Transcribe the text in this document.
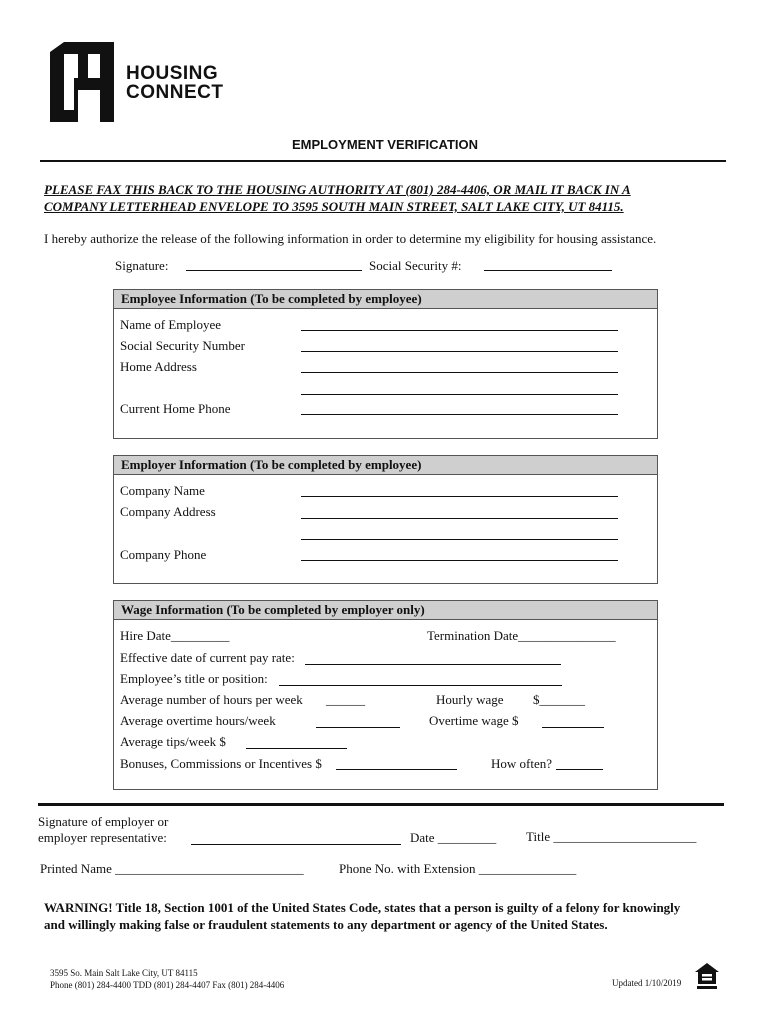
HOUSING
CONNECT
EMPLOYMENT VERIFICATION
PLEASE FAX THIS BACK TO THE HOUSING AUTHORITY AT (801) 284-4406, OR MAIL IT BACK IN A
COMPANY LETTERHEAD ENVELOPE TO 3595 SOUTH MAIN STREET, SALT LAKE CITY, UT 84115.
I hereby authorize the release of the following information in order to determine my eligibility for housing assistance.
Signature:	Social Security #:
Employee Information (To be completed by employee)
Name of Employee
Social Security Number
Home Address
Current Home Phone
Employer Information (To be completed by employee)
Company Name
Company Address
Company Phone
Wage Information (To be completed by employer only)
Hire Date_________	Termination Date_______________
Effective date of current pay rate:
Employee’s title or position:
Average number of hours per week ______	Hourly wage $_______
Average overtime hours/week	Overtime wage $
Average tips/week $
Bonuses, Commissions or Incentives $	How often?
Signature of employer or
employer representative:	Date _________ Title ______________________
Printed Name _____________________________	Phone No. with Extension _______________
WARNING! Title 18, Section 1001 of the United States Code, states that a person is guilty of a felony for knowingly and willingly making false or fraudulent statements to any department or agency of the United States.
3595 So. Main Salt Lake City, UT 84115
Phone (801) 284-4400 TDD (801) 284-4407 Fax (801) 284-4406	Updated 1/10/2019
